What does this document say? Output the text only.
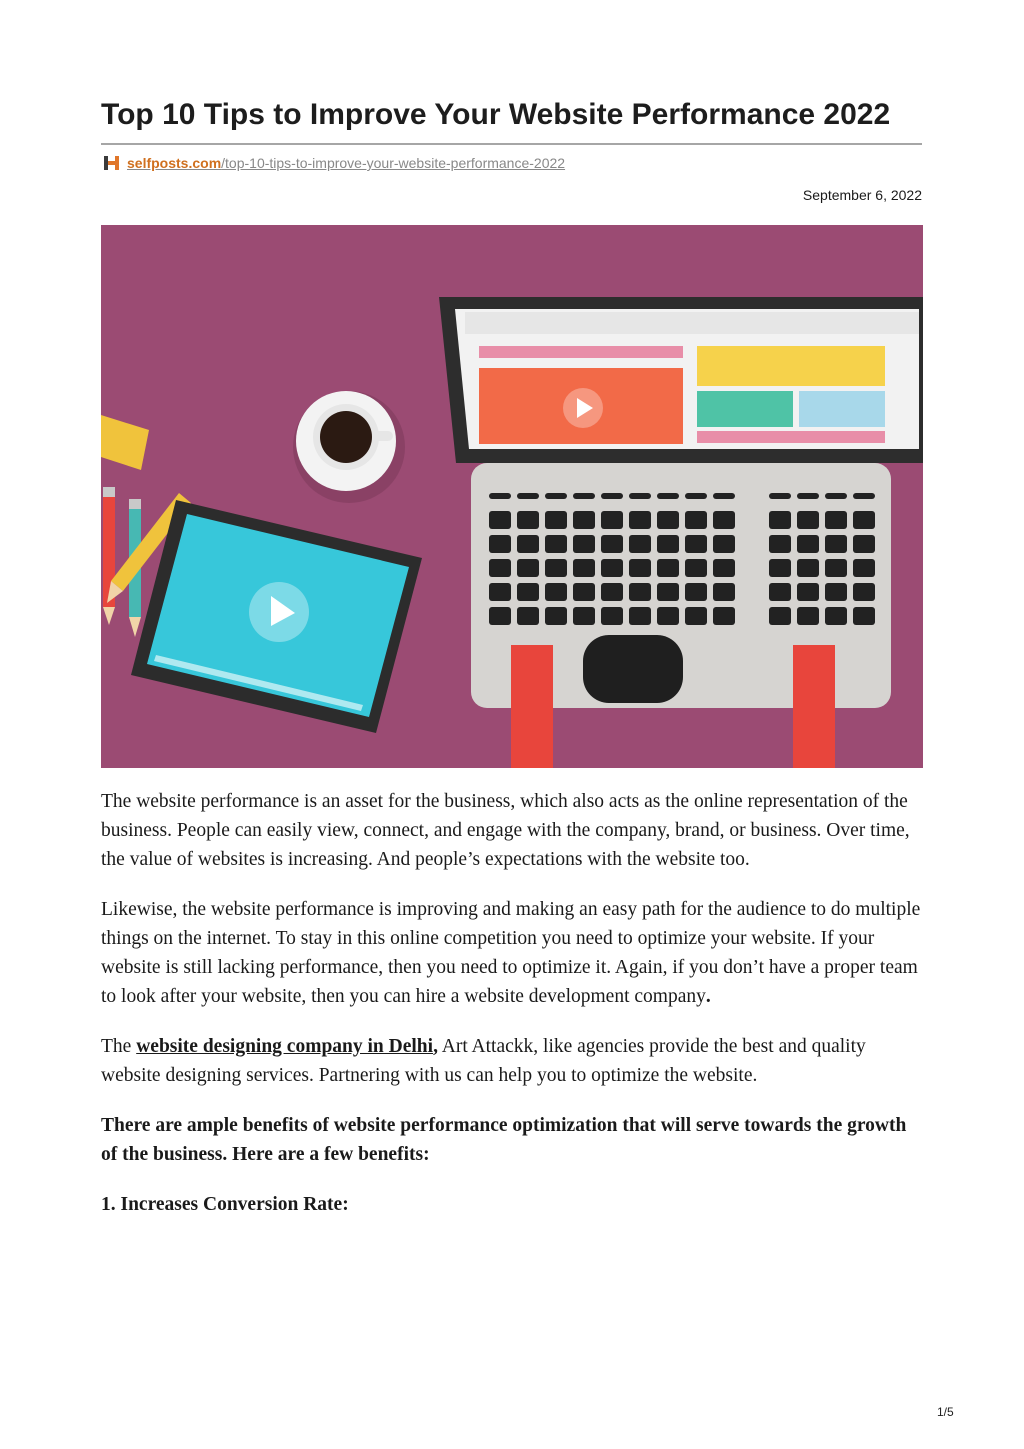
Top 10 Tips to Improve Your Website Performance 2022
selfposts.com/top-10-tips-to-improve-your-website-performance-2022
September 6, 2022

The website performance is an asset for the business, which also acts as the online representation of the business. People can easily view, connect, and engage with the company, brand, or business. Over time, the value of websites is increasing. And people’s expectations with the website too.

Likewise, the website performance is improving and making an easy path for the audience to do multiple things on the internet. To stay in this online competition you need to optimize your website. If your website is still lacking performance, then you need to optimize it. Again, if you don’t have a proper team to look after your website, then you can hire a website development company.

The website designing company in Delhi, Art Attackk, like agencies provide the best and quality website designing services. Partnering with us can help you to optimize the website.

There are ample benefits of website performance optimization that will serve towards the growth of the business. Here are a few benefits:

1. Increases Conversion Rate:

1/5
